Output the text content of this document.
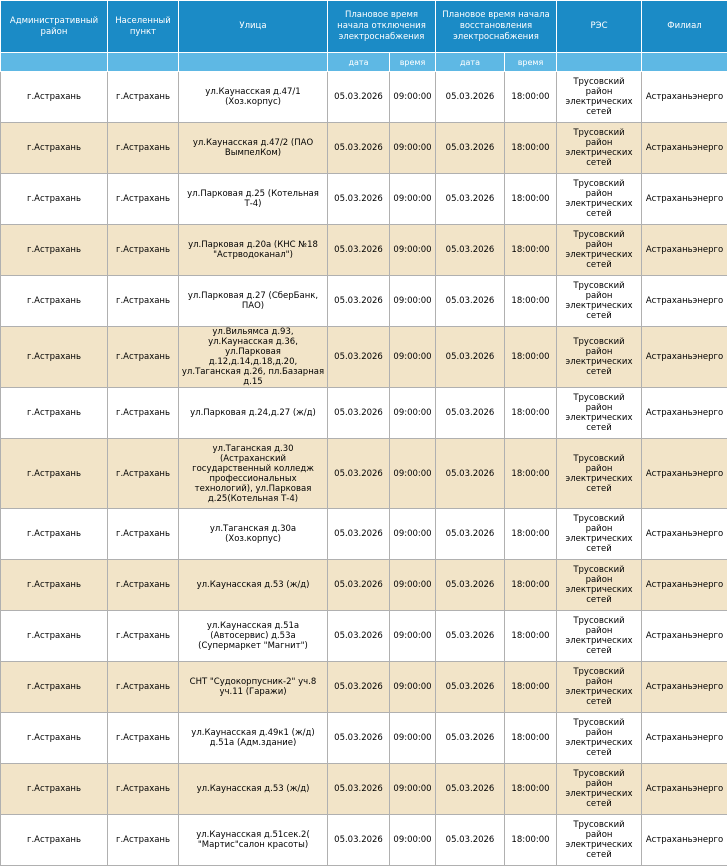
Административный район	Населенный пункт	Улица	Плановое время начала отключения электроснабжения		Плановое время начала восстановления электроснабжения		РЭС	Филиал
			дата	время	дата	время		
г.Астрахань	г.Астрахань	ул.Каунасская д.47/1 (Хоз.корпус)	05.03.2026	09:00:00	05.03.2026	18:00:00	Трусовский район электрических сетей	Астраханьэнерго
г.Астрахань	г.Астрахань	ул.Каунасская д.47/2 (ПАО ВымпелКом)	05.03.2026	09:00:00	05.03.2026	18:00:00	Трусовский район электрических сетей	Астраханьэнерго
г.Астрахань	г.Астрахань	ул.Парковая д.25 (Котельная Т-4)	05.03.2026	09:00:00	05.03.2026	18:00:00	Трусовский район электрических сетей	Астраханьэнерго
г.Астрахань	г.Астрахань	ул.Парковая д.20а (КНС №18 "Астрводоканал")	05.03.2026	09:00:00	05.03.2026	18:00:00	Трусовский район электрических сетей	Астраханьэнерго
г.Астрахань	г.Астрахань	ул.Парковая д.27 (СберБанк, ПАО)	05.03.2026	09:00:00	05.03.2026	18:00:00	Трусовский район электрических сетей	Астраханьэнерго
г.Астрахань	г.Астрахань	ул.Вильямса д.93, ул.Каунасская д.36, ул.Парковая д.12,д.14,д.18,д.20, ул.Таганская д.26, пл.Базарная д.15	05.03.2026	09:00:00	05.03.2026	18:00:00	Трусовский район электрических сетей	Астраханьэнерго
г.Астрахань	г.Астрахань	ул.Парковая д.24,д.27 (ж/д)	05.03.2026	09:00:00	05.03.2026	18:00:00	Трусовский район электрических сетей	Астраханьэнерго
г.Астрахань	г.Астрахань	ул.Таганская д.30 (Астраханский государственный колледж профессиональных технологий), ул.Парковая д.25(Котельная Т-4)	05.03.2026	09:00:00	05.03.2026	18:00:00	Трусовский район электрических сетей	Астраханьэнерго
г.Астрахань	г.Астрахань	ул.Таганская д.30а (Хоз.корпус)	05.03.2026	09:00:00	05.03.2026	18:00:00	Трусовский район электрических сетей	Астраханьэнерго
г.Астрахань	г.Астрахань	ул.Каунасская д.53 (ж/д)	05.03.2026	09:00:00	05.03.2026	18:00:00	Трусовский район электрических сетей	Астраханьэнерго
г.Астрахань	г.Астрахань	ул.Каунасская д.51а (Автосервис) д.53а (Супермаркет "Магнит")	05.03.2026	09:00:00	05.03.2026	18:00:00	Трусовский район электрических сетей	Астраханьэнерго
г.Астрахань	г.Астрахань	СНТ "Судокорпусник-2" уч.8 уч.11 (Гаражи)	05.03.2026	09:00:00	05.03.2026	18:00:00	Трусовский район электрических сетей	Астраханьэнерго
г.Астрахань	г.Астрахань	ул.Каунасская д.49к1 (ж/д) д.51а (Адм.здание)	05.03.2026	09:00:00	05.03.2026	18:00:00	Трусовский район электрических сетей	Астраханьэнерго
г.Астрахань	г.Астрахань	ул.Каунасская д.53 (ж/д)	05.03.2026	09:00:00	05.03.2026	18:00:00	Трусовский район электрических сетей	Астраханьэнерго
г.Астрахань	г.Астрахань	ул.Каунасская д.51сек.2( "Мартис"салон красоты)	05.03.2026	09:00:00	05.03.2026	18:00:00	Трусовский район электрических сетей	Астраханьэнерго
